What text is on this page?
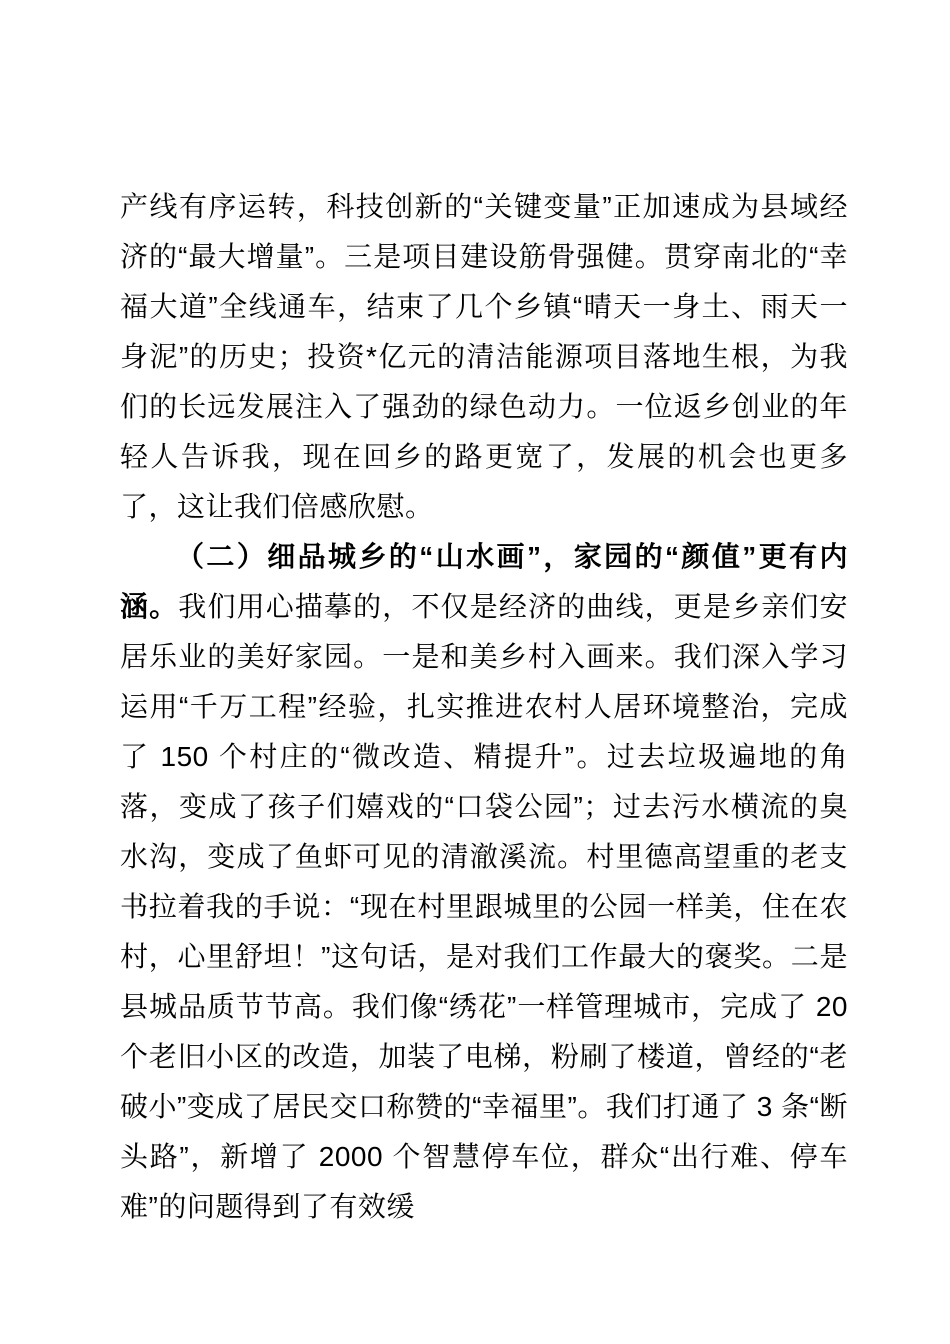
产线有序运转，科技创新的“关键变量”正加速成为县域经济的“最大增量”。三是项目建设筋骨强健。贯穿南北的“幸福大道”全线通车，结束了几个乡镇“晴天一身土、雨天一身泥”的历史；投资*亿元的清洁能源项目落地生根，为我们的长远发展注入了强劲的绿色动力。一位返乡创业的年轻人告诉我，现在回乡的路更宽了，发展的机会也更多了，这让我们倍感欣慰。

（二）细品城乡的“山水画”，家园的“颜值”更有内涵。我们用心描摹的，不仅是经济的曲线，更是乡亲们安居乐业的美好家园。一是和美乡村入画来。我们深入学习运用“千万工程”经验，扎实推进农村人居环境整治，完成了 150 个村庄的“微改造、精提升”。过去垃圾遍地的角落，变成了孩子们嬉戏的“口袋公园”；过去污水横流的臭水沟，变成了鱼虾可见的清澈溪流。村里德高望重的老支书拉着我的手说：“现在村里跟城里的公园一样美，住在农村，心里舒坦！”这句话，是对我们工作最大的褒奖。二是县城品质节节高。我们像“绣花”一样管理城市，完成了 20 个老旧小区的改造，加装了电梯，粉刷了楼道，曾经的“老破小”变成了居民交口称赞的“幸福里”。我们打通了 3 条“断头路”，新增了 2000 个智慧停车位，群众“出行难、停车难”的问题得到了有效缓
